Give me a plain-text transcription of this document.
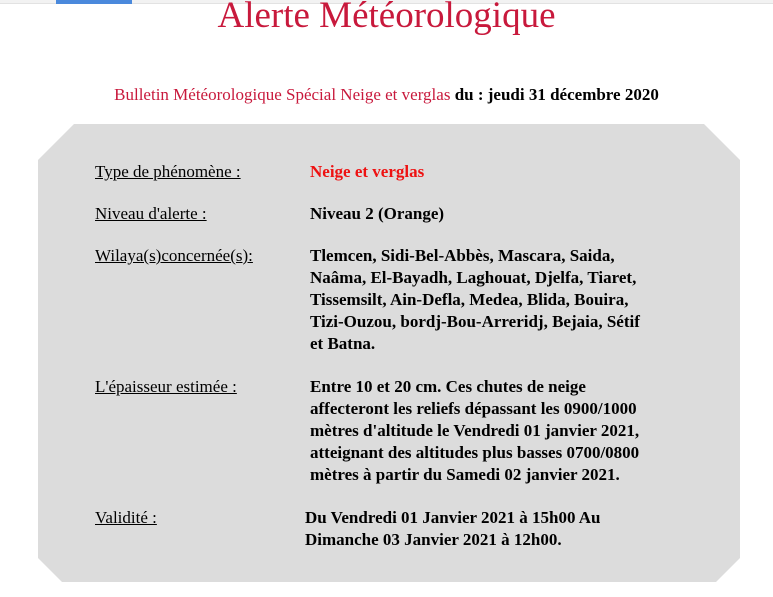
Alerte Météorologique
Bulletin Météorologique Spécial Neige et verglas du : jeudi 31 décembre 2020
Type de phénomène :	Neige et verglas
Niveau d'alerte :	Niveau 2 (Orange)
Wilaya(s)concernée(s):	Tlemcen, Sidi-Bel-Abbès, Mascara, Saida,
Naâma, El-Bayadh, Laghouat, Djelfa, Tiaret,
Tissemsilt, Ain-Defla, Medea, Blida, Bouira,
Tizi-Ouzou, bordj-Bou-Arreridj, Bejaia, Sétif
et Batna.
L'épaisseur estimée :	Entre 10 et 20 cm. Ces chutes de neige
affecteront les reliefs dépassant les 0900/1000
mètres d'altitude le Vendredi 01 janvier 2021,
atteignant des altitudes plus basses 0700/0800
mètres à partir du Samedi 02 janvier 2021.
Validité :	Du Vendredi 01 Janvier 2021 à 15h00 Au
Dimanche 03 Janvier 2021 à 12h00.
